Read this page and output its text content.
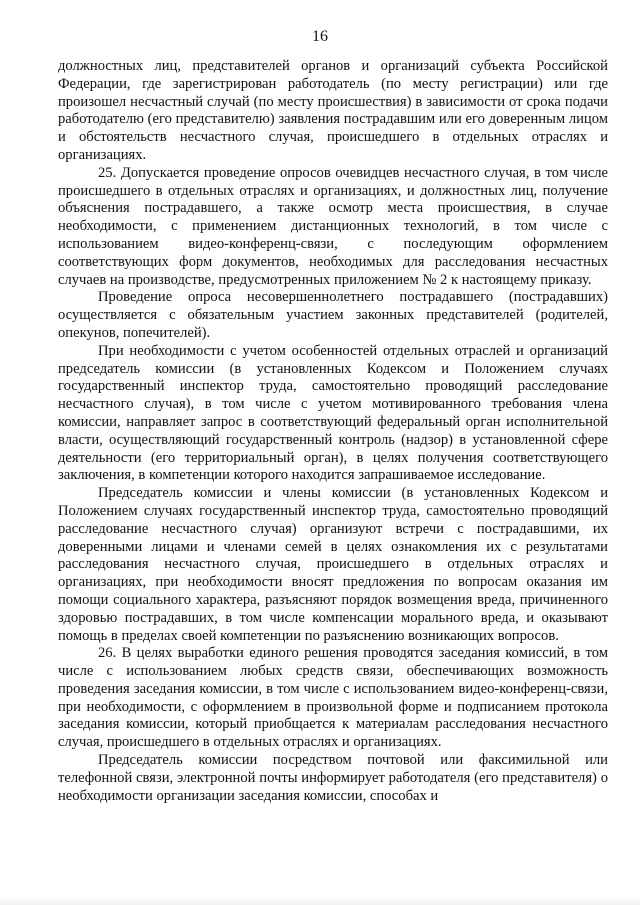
16

должностных лиц, представителей органов и организаций субъекта Российской Федерации, где зарегистрирован работодатель (по месту регистрации) или где произошел несчастный случай (по месту происшествия) в зависимости от срока подачи работодателю (его представителю) заявления пострадавшим или его доверенным лицом и обстоятельств несчастного случая, происшедшего в отдельных отраслях и организациях.

25. Допускается проведение опросов очевидцев несчастного случая, в том числе происшедшего в отдельных отраслях и организациях, и должностных лиц, получение объяснения пострадавшего, а также осмотр места происшествия, в случае необходимости, с применением дистанционных технологий, в том числе с использованием видео-конференц-связи, с последующим оформлением соответствующих форм документов, необходимых для расследования несчастных случаев на производстве, предусмотренных приложением № 2 к настоящему приказу.

Проведение опроса несовершеннолетнего пострадавшего (пострадавших) осуществляется с обязательным участием законных представителей (родителей, опекунов, попечителей).

При необходимости с учетом особенностей отдельных отраслей и организаций председатель комиссии (в установленных Кодексом и Положением случаях государственный инспектор труда, самостоятельно проводящий расследование несчастного случая), в том числе с учетом мотивированного требования члена комиссии, направляет запрос в соответствующий федеральный орган исполнительной власти, осуществляющий государственный контроль (надзор) в установленной сфере деятельности (его территориальный орган), в целях получения соответствующего заключения, в компетенции которого находится запрашиваемое исследование.

Председатель комиссии и члены комиссии (в установленных Кодексом и Положением случаях государственный инспектор труда, самостоятельно проводящий расследование несчастного случая) организуют встречи с пострадавшими, их доверенными лицами и членами семей в целях ознакомления их с результатами расследования несчастного случая, происшедшего в отдельных отраслях и организациях, при необходимости вносят предложения по вопросам оказания им помощи социального характера, разъясняют порядок возмещения вреда, причиненного здоровью пострадавших, в том числе компенсации морального вреда, и оказывают помощь в пределах своей компетенции по разъяснению возникающих вопросов.

26. В целях выработки единого решения проводятся заседания комиссий, в том числе с использованием любых средств связи, обеспечивающих возможность проведения заседания комиссии, в том числе с использованием видео-конференц-связи, при необходимости, с оформлением в произвольной форме и подписанием протокола заседания комиссии, который приобщается к материалам расследования несчастного случая, происшедшего в отдельных отраслях и организациях.

Председатель комиссии посредством почтовой или факсимильной или телефонной связи, электронной почты информирует работодателя (его представителя) о необходимости организации заседания комиссии, способах и
